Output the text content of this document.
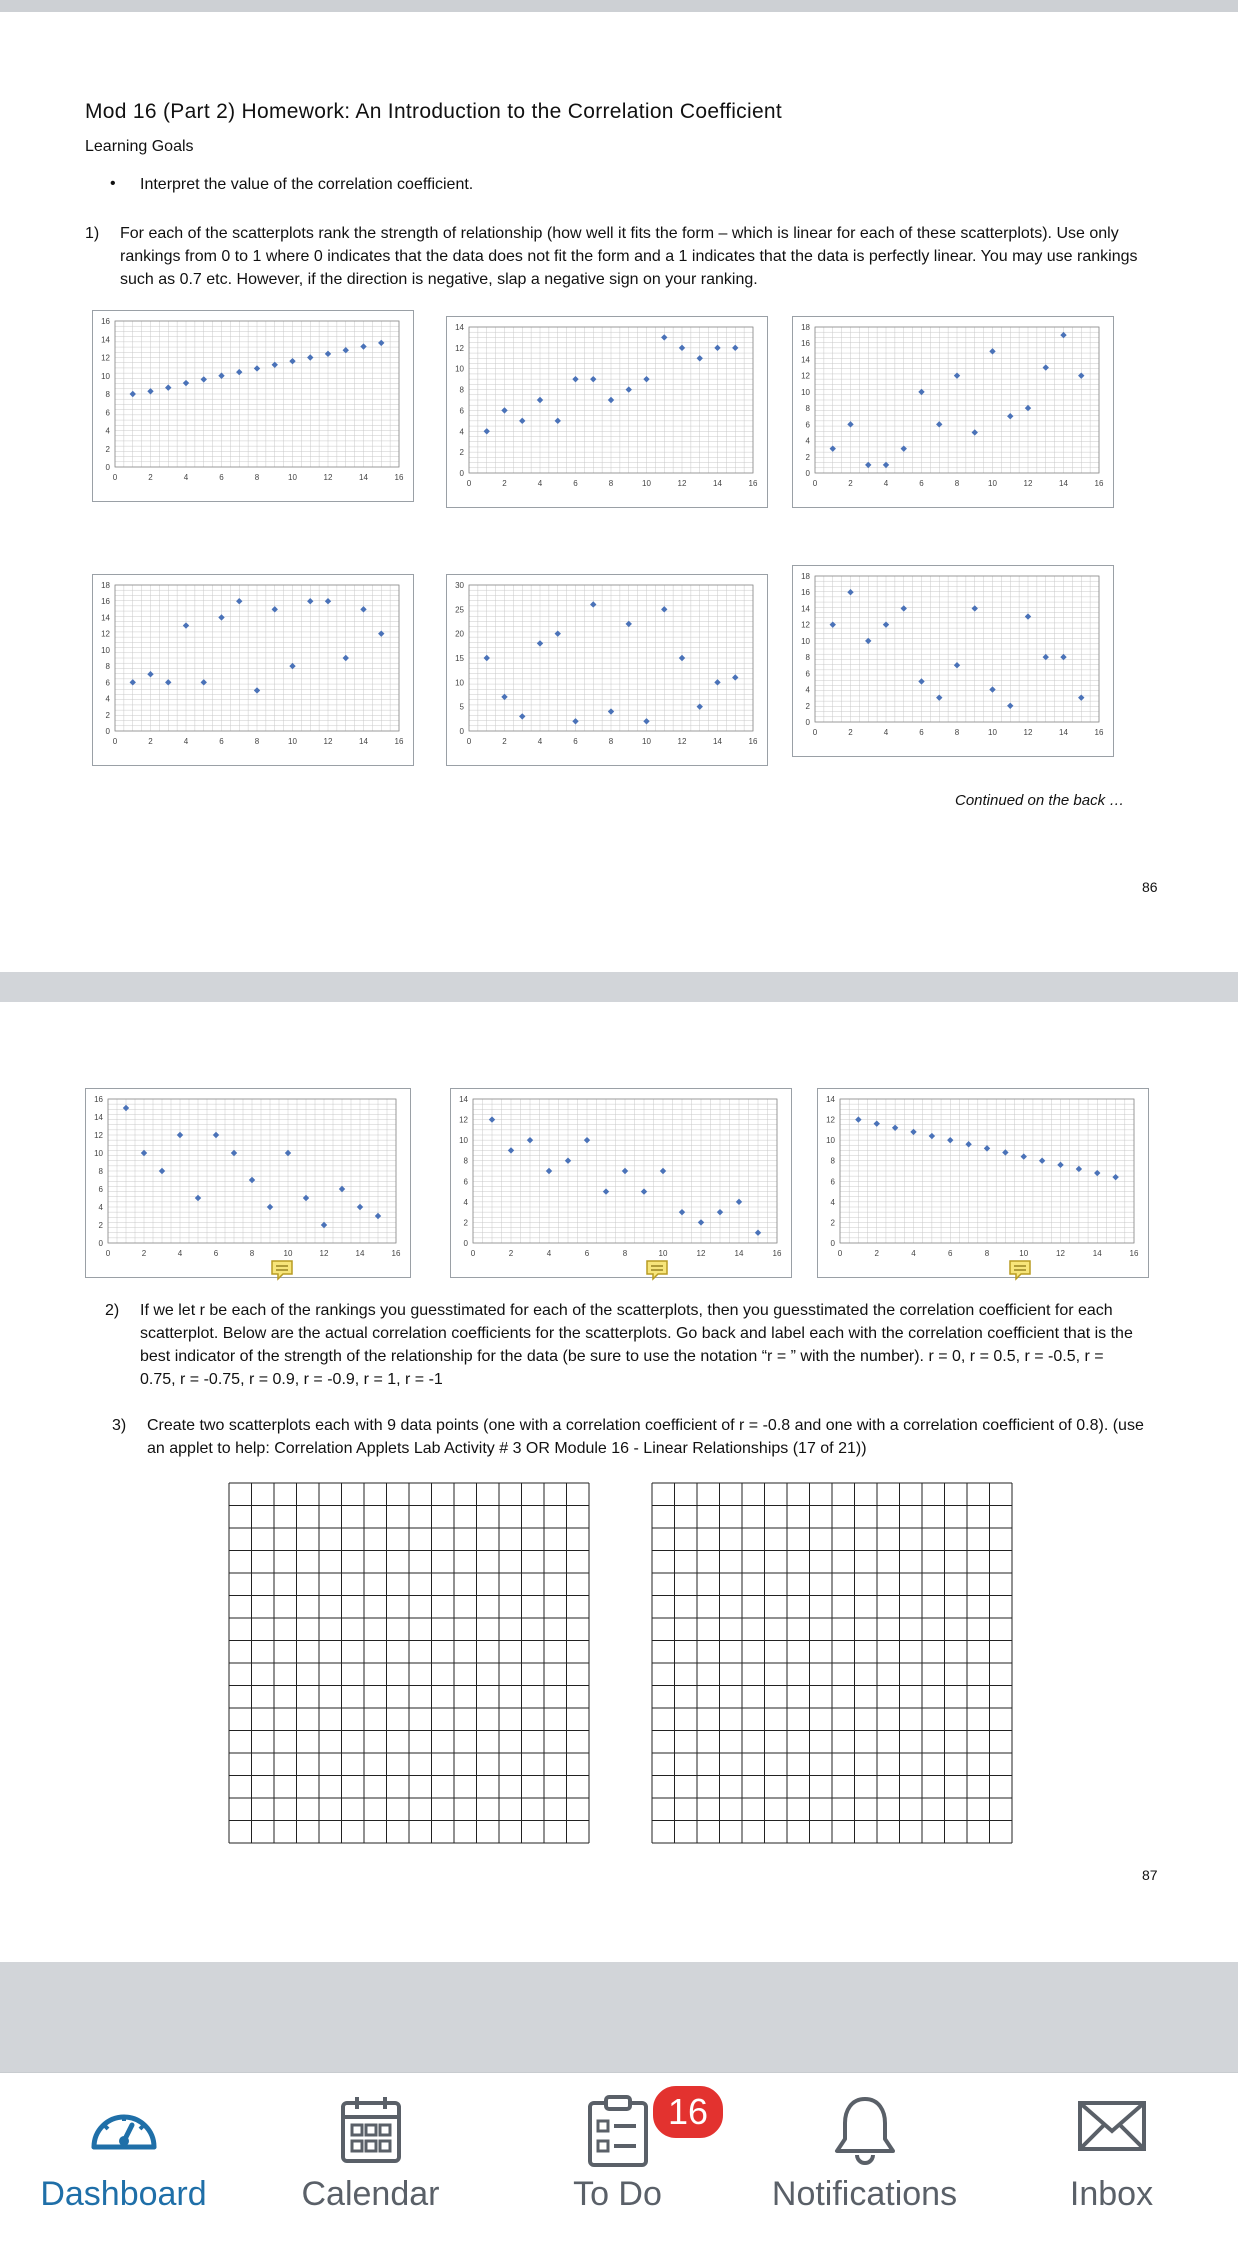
Mod 16 (Part 2) Homework: An Introduction to the Correlation Coefficient
Learning Goals
• Interpret the value of the correlation coefficient.
1) For each of the scatterplots rank the strength of relationship (how well it fits the form – which is linear for each of these scatterplots). Use only rankings from 0 to 1 where 0 indicates that the data does not fit the form and a 1 indicates that the data is perfectly linear. You may use rankings such as 0.7 etc. However, if the direction is negative, slap a negative sign on your ranking.
0
2
4
6
8
10
12
14
16
0	2	4	6	8	10	12	14	16	0
2
4
6
8
10
12
14
0	2	4	6	8	10	12	14	16
0
2
4
6
8
10
12
14
16
18
0	2	4	6	8	10	12	14	16
0
2
4
6
8
10
12
14
16
18
0	2	4	6	8	10	12	14	16
0
5
10
15
20
25
30
0	2	4	6	8	10	12	14	16
0
2
4
6
8
10
12
14
16
18
0	2	4	6	8	10	12	14	16
Continued on the back …
86
0
2
4
6
8
10
12
14
16
0	2	4	6	8	10	12	14	16
0
2
4
6
8
10
12
14
0	2	4	6	8	10	12	14	16
0
2
4
6
8
10
12
14
0	2	4	6	8	10	12	14	16
2) If we let r be each of the rankings you guesstimated for each of the scatterplots, then you guesstimated the correlation coefficient for each scatterplot. Below are the actual correlation coefficients for the scatterplots. Go back and label each with the correlation coefficient that is the best indicator of the strength of the relationship for the data (be sure to use the notation “r = ” with the number). r = 0, r = 0.5, r = -0.5, r = 0.75, r = -0.75, r = 0.9, r = -0.9, r = 1, r = -1
3) Create two scatterplots each with 9 data points (one with a correlation coefficient of r = -0.8 and one with a correlation coefficient of 0.8). (use an applet to help: Correlation Applets Lab Activity # 3 OR Module 16 - Linear Relationships (17 of 21))
87
Dashboard	Calendar	To Do
16
Notifications	Inbox
